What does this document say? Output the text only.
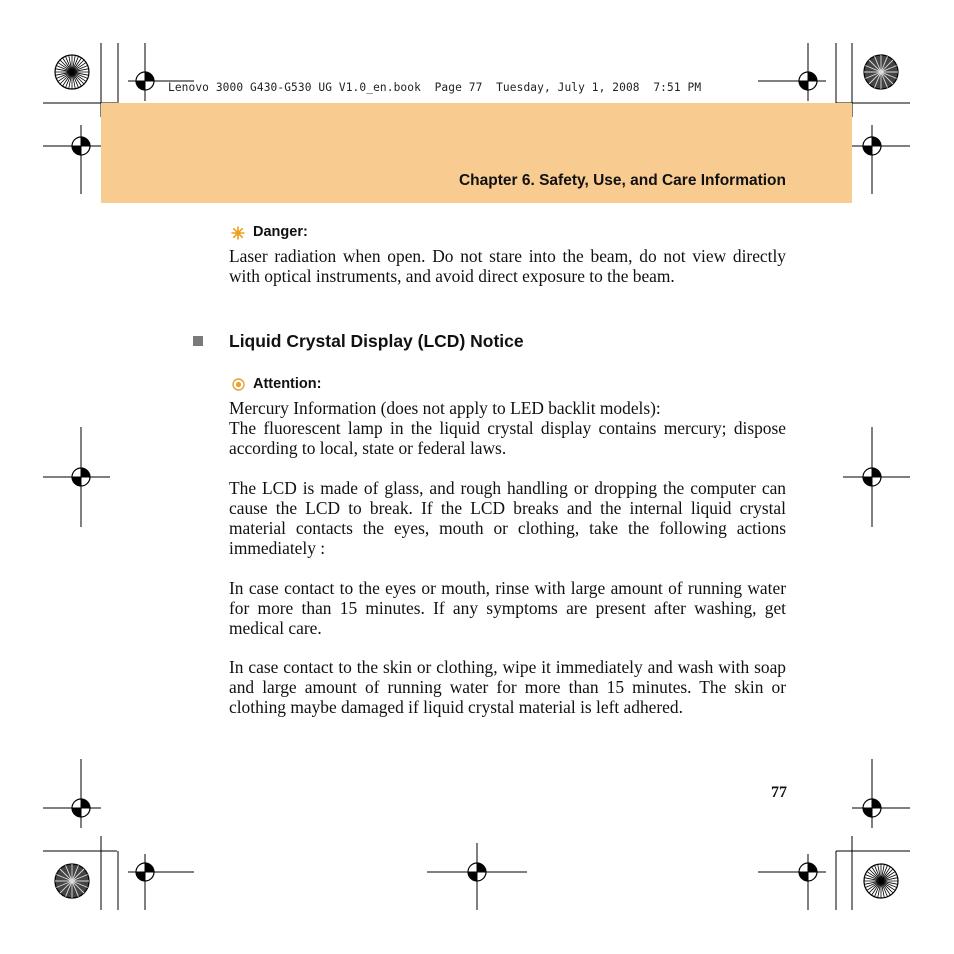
Lenovo 3000 G430-G530 UG V1.0_en.book  Page 77  Tuesday, July 1, 2008  7:51 PM
Chapter 6. Safety, Use, and Care Information
Danger:
Laser radiation when open. Do not stare into the beam, do not view directly with optical instruments, and avoid direct exposure to the beam.
Liquid Crystal Display (LCD) Notice
Attention:
Mercury Information (does not apply to LED backlit models):
The fluorescent lamp in the liquid crystal display contains mercury; dispose according to local, state or federal laws.
The LCD is made of glass, and rough handling or dropping the computer can cause the LCD to break. If the LCD breaks and the internal liquid crystal material contacts the eyes, mouth or clothing, take the following actions immediately :
In case contact to the eyes or mouth, rinse with large amount of running water for more than 15 minutes. If any symptoms are present after washing, get medical care.
In case contact to the skin or clothing, wipe it immediately and wash with soap and large amount of running water for more than 15 minutes. The skin or clothing maybe damaged if liquid crystal material is left adhered.
77
